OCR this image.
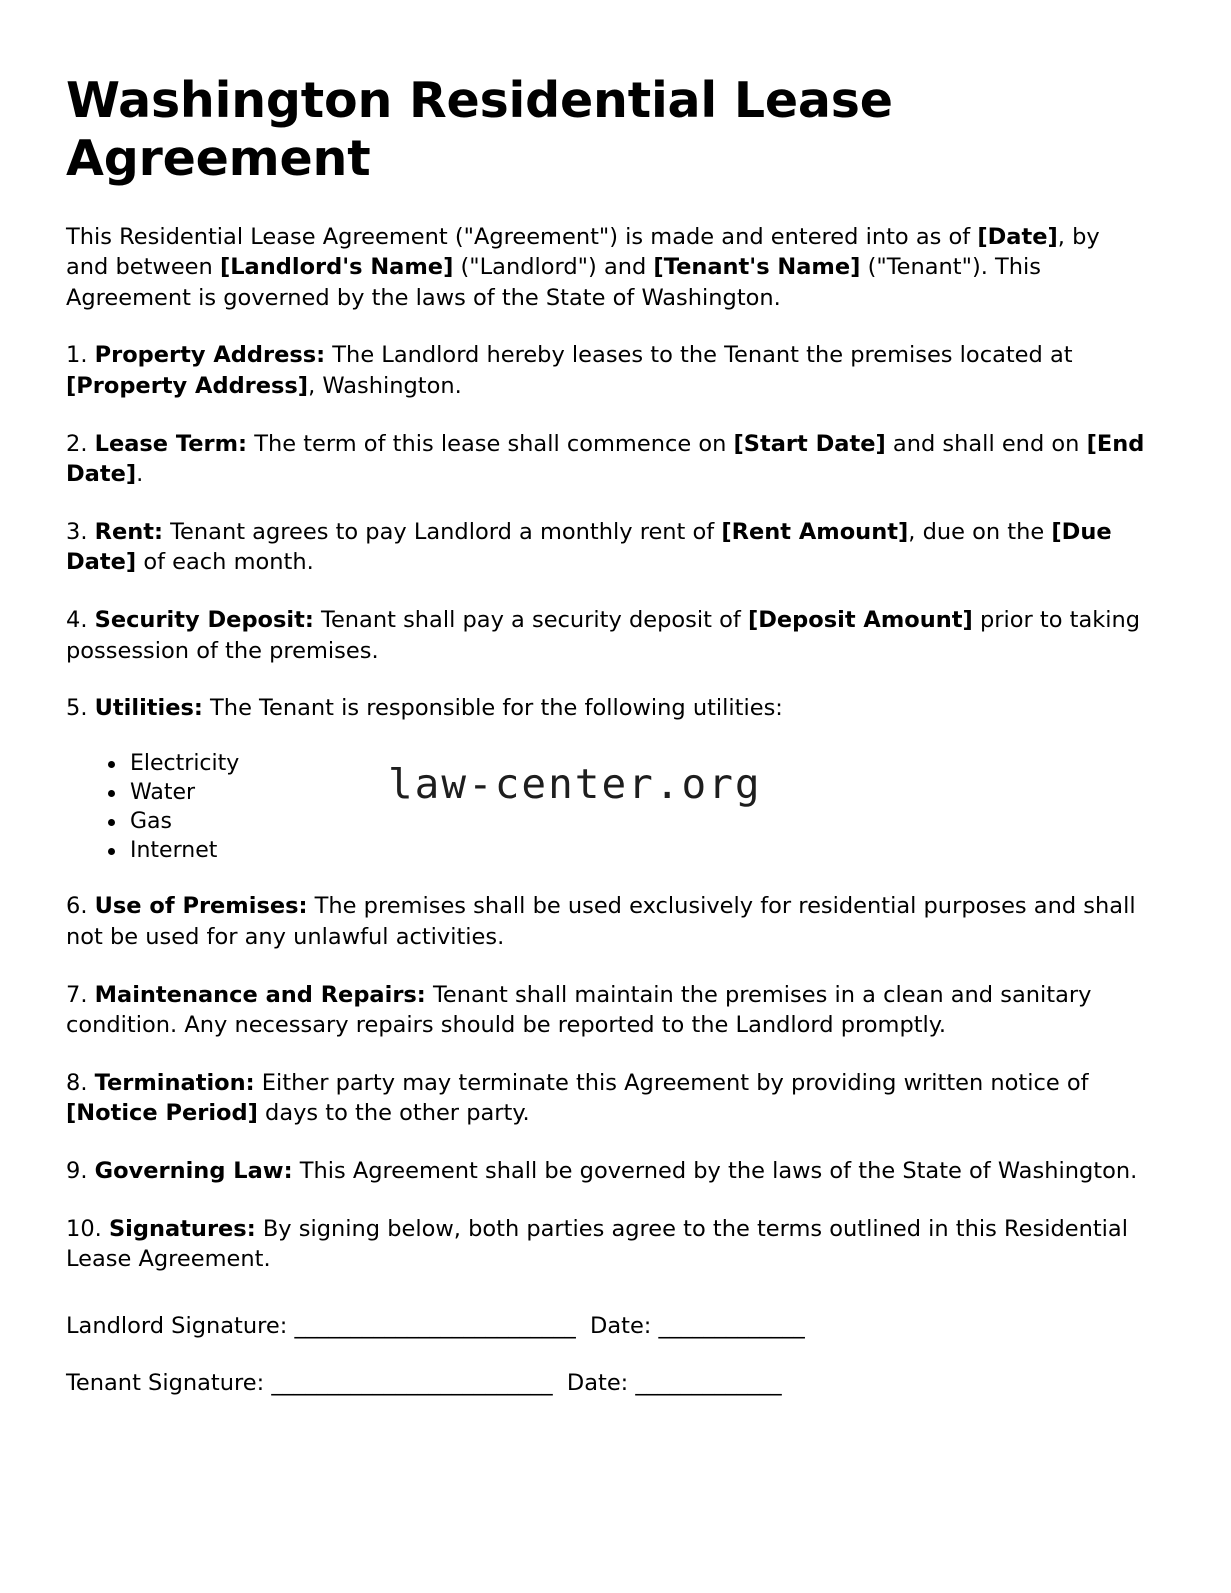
Washington Residential Lease Agreement

This Residential Lease Agreement ("Agreement") is made and entered into as of [Date], by and between [Landlord's Name] ("Landlord") and [Tenant's Name] ("Tenant"). This Agreement is governed by the laws of the State of Washington.

1. Property Address: The Landlord hereby leases to the Tenant the premises located at [Property Address], Washington.

2. Lease Term: The term of this lease shall commence on [Start Date] and shall end on [End Date].

3. Rent: Tenant agrees to pay Landlord a monthly rent of [Rent Amount], due on the [Due Date] of each month.

4. Security Deposit: Tenant shall pay a security deposit of [Deposit Amount] prior to taking possession of the premises.

5. Utilities: The Tenant is responsible for the following utilities:

Electricity
Water
Gas
Internet

6. Use of Premises: The premises shall be used exclusively for residential purposes and shall not be used for any unlawful activities.

7. Maintenance and Repairs: Tenant shall maintain the premises in a clean and sanitary condition. Any necessary repairs should be reported to the Landlord promptly.

8. Termination: Either party may terminate this Agreement by providing written notice of [Notice Period] days to the other party.

9. Governing Law: This Agreement shall be governed by the laws of the State of Washington.

10. Signatures: By signing below, both parties agree to the terms outlined in this Residential Lease Agreement.

Landlord Signature: _________________________  Date: _____________

Tenant Signature: _________________________  Date: _____________

law-center.org
